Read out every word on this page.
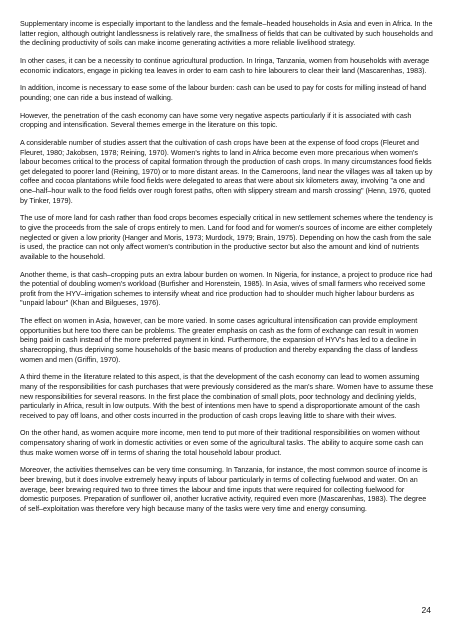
Supplementary income is especially important to the landless and the female–headed households in Asia and even in Africa. In the latter region, although outright landlessness is relatively rare, the smallness of fields that can be cultivated by such households and the declining productivity of soils can make income generating activities a more reliable livelihood strategy.

In other cases, it can be a necessity to continue agricultural production. In Iringa, Tanzania, women from households with average economic indicators, engage in picking tea leaves in order to earn cash to hire labourers to clear their land (Mascarenhas, 1983).

In addition, income is necessary to ease some of the labour burden: cash can be used to pay for costs for milling instead of hand pounding; one can ride a bus instead of walking.

However, the penetration of the cash economy can have some very negative aspects particularly if it is associated with cash cropping and intensification. Several themes emerge in the literature on this topic.

A considerable number of studies assert that the cultivation of cash crops have been at the expense of food crops (Fleuret and Fleuret, 1980; Jakobsen, 1978; Reining, 1970). Women's rights to land in Africa become even more precarious when women's labour becomes critical to the process of capital formation through the production of cash crops. In many circumstances food fields get delegated to poorer land (Reining, 1970) or to more distant areas. In the Cameroons, land near the villages was all taken up by coffee and cocoa plantations while food fields were delegated to areas that were about six kilometers away, involving "a one and one–half–hour walk to the food fields over rough forest paths, often with slippery stream and marsh crossing" (Henn, 1976, quoted by Tinker, 1979).

The use of more land for cash rather than food crops becomes especially critical in new settlement schemes where the tendency is to give the proceeds from the sale of crops entirely to men. Land for food and for women's sources of income are either completely neglected or given a low priority (Hanger and Moris, 1973; Murdock, 1979; Brain, 1975). Depending on how the cash from the sale is used, the practice can not only affect women's contribution in the productive sector but also the amount and kind of nutrients available to the household.

Another theme, is that cash–cropping puts an extra labour burden on women. In Nigeria, for instance, a project to produce rice had the potential of doubling women's workload (Burfisher and Horenstein, 1985). In Asia, wives of small farmers who received some profit from the HYV–irrigation schemes to intensify wheat and rice production had to shoulder much higher labour burdens as "unpaid labour" (Khan and Bilgueses, 1976).

The effect on women in Asia, however, can be more varied. In some cases agricultural intensification can provide employment opportunities but here too there can be problems. The greater emphasis on cash as the form of exchange can result in women being paid in cash instead of the more preferred payment in kind. Furthermore, the expansion of HYV's has led to a decline in sharecropping, thus depriving some households of the basic means of production and thereby expanding the class of landless women and men (Griffin, 1970).

A third theme in the literature related to this aspect, is that the development of the cash economy can lead to women assuming many of the responsibilities for cash purchases that were previously considered as the man's share. Women have to assume these new responsibilities for several reasons. In the first place the combination of small plots, poor technology and declining yields, particularly in Africa, result in low outputs. With the best of intentions men have to spend a disproportionate amount of the cash received to pay off loans, and other costs incurred in the production of cash crops leaving little to share with their wives.

On the other hand, as women acquire more income, men tend to put more of their traditional responsibilities on women without compensatory sharing of work in domestic activities or even some of the agricultural tasks. The ability to acquire some cash can thus make women worse off in terms of sharing the total household labour product.

Moreover, the activities themselves can be very time consuming. In Tanzania, for instance, the most common source of income is beer brewing, but it does involve extremely heavy inputs of labour particularly in terms of collecting fuelwood and water. On an average, beer brewing required two to three times the labour and time inputs that were required for collecting fuelwood for domestic purposes. Preparation of sunflower oil, another lucrative activity, required even more (Mascarenhas, 1983). The degree of self–exploitation was therefore very high because many of the tasks were very time and energy consuming.

24
